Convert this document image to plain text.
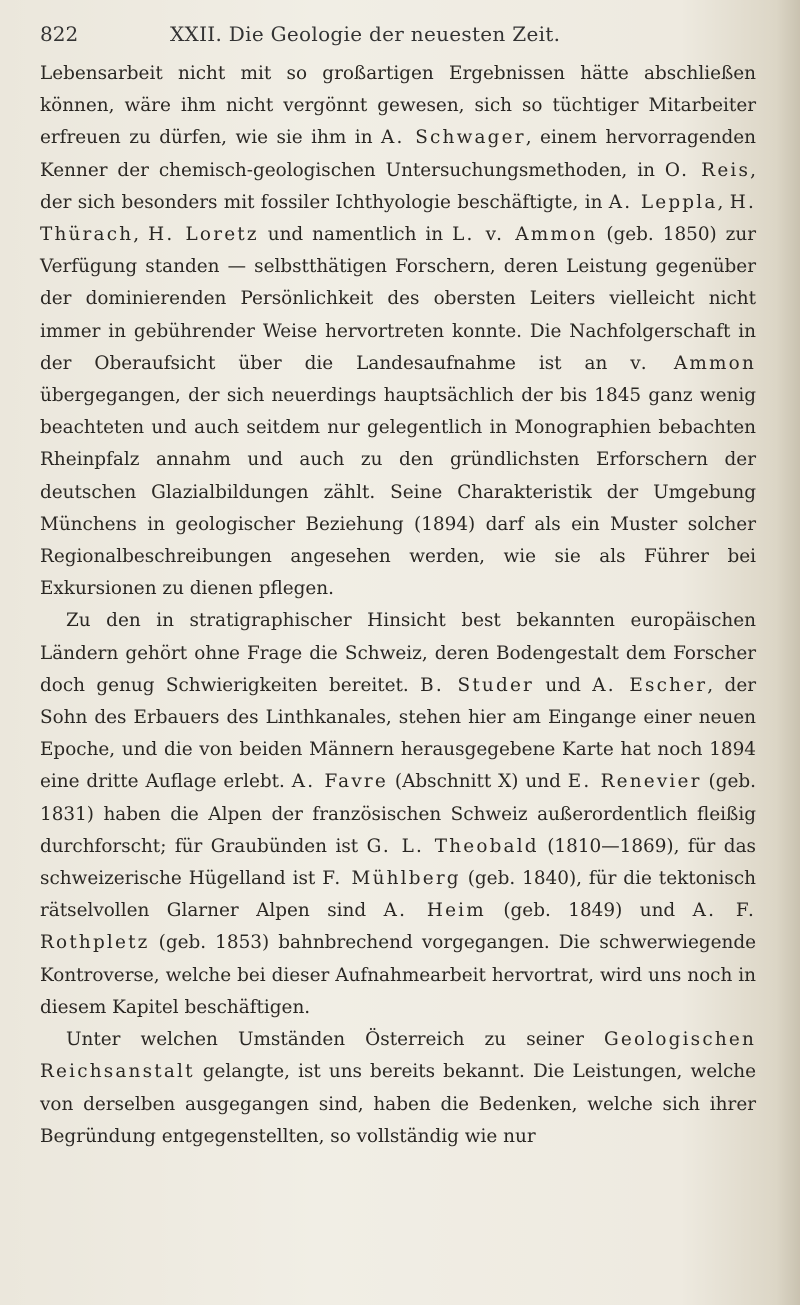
822	XXII. Die Geologie der neuesten Zeit.

Lebensarbeit nicht mit so großartigen Ergebnissen hätte abschließen können, wäre ihm nicht vergönnt gewesen, sich so tüchtiger Mitarbeiter erfreuen zu dürfen, wie sie ihm in A. Schwager, einem hervorragenden Kenner der chemisch-geologischen Untersuchungsmethoden, in O. Reis, der sich besonders mit fossiler Ichthyologie beschäftigte, in A. Leppla, H. Thürach, H. Loretz und namentlich in L. v. Ammon (geb. 1850) zur Verfügung standen — selbstthätigen Forschern, deren Leistung gegenüber der dominierenden Persönlichkeit des obersten Leiters vielleicht nicht immer in gebührender Weise hervortreten konnte. Die Nachfolgerschaft in der Oberaufsicht über die Landesaufnahme ist an v. Ammon übergegangen, der sich neuerdings hauptsächlich der bis 1845 ganz wenig beachteten und auch seitdem nur gelegentlich in Monographien bebachten Rheinpfalz annahm und auch zu den gründlichsten Erforschern der deutschen Glazialbildungen zählt. Seine Charakteristik der Umgebung Münchens in geologischer Beziehung (1894) darf als ein Muster solcher Regionalbeschreibungen angesehen werden, wie sie als Führer bei Exkursionen zu dienen pflegen.

Zu den in stratigraphischer Hinsicht best bekannten europäischen Ländern gehört ohne Frage die Schweiz, deren Bodengestalt dem Forscher doch genug Schwierigkeiten bereitet. B. Studer und A. Escher, der Sohn des Erbauers des Linthkanales, stehen hier am Eingange einer neuen Epoche, und die von beiden Männern herausgegebene Karte hat noch 1894 eine dritte Auflage erlebt. A. Favre (Abschnitt X) und E. Renevier (geb. 1831) haben die Alpen der französischen Schweiz außerordentlich fleißig durchforscht; für Graubünden ist G. L. Theobald (1810—1869), für das schweizerische Hügelland ist F. Mühlberg (geb. 1840), für die tektonisch rätselvollen Glarner Alpen sind A. Heim (geb. 1849) und A. F. Rothpletz (geb. 1853) bahnbrechend vorgegangen. Die schwerwiegende Kontroverse, welche bei dieser Aufnahmearbeit hervortrat, wird uns noch in diesem Kapitel beschäftigen.

Unter welchen Umständen Österreich zu seiner Geologischen Reichsanstalt gelangte, ist uns bereits bekannt. Die Leistungen, welche von derselben ausgegangen sind, haben die Bedenken, welche sich ihrer Begründung entgegenstellten, so vollständig wie nur
